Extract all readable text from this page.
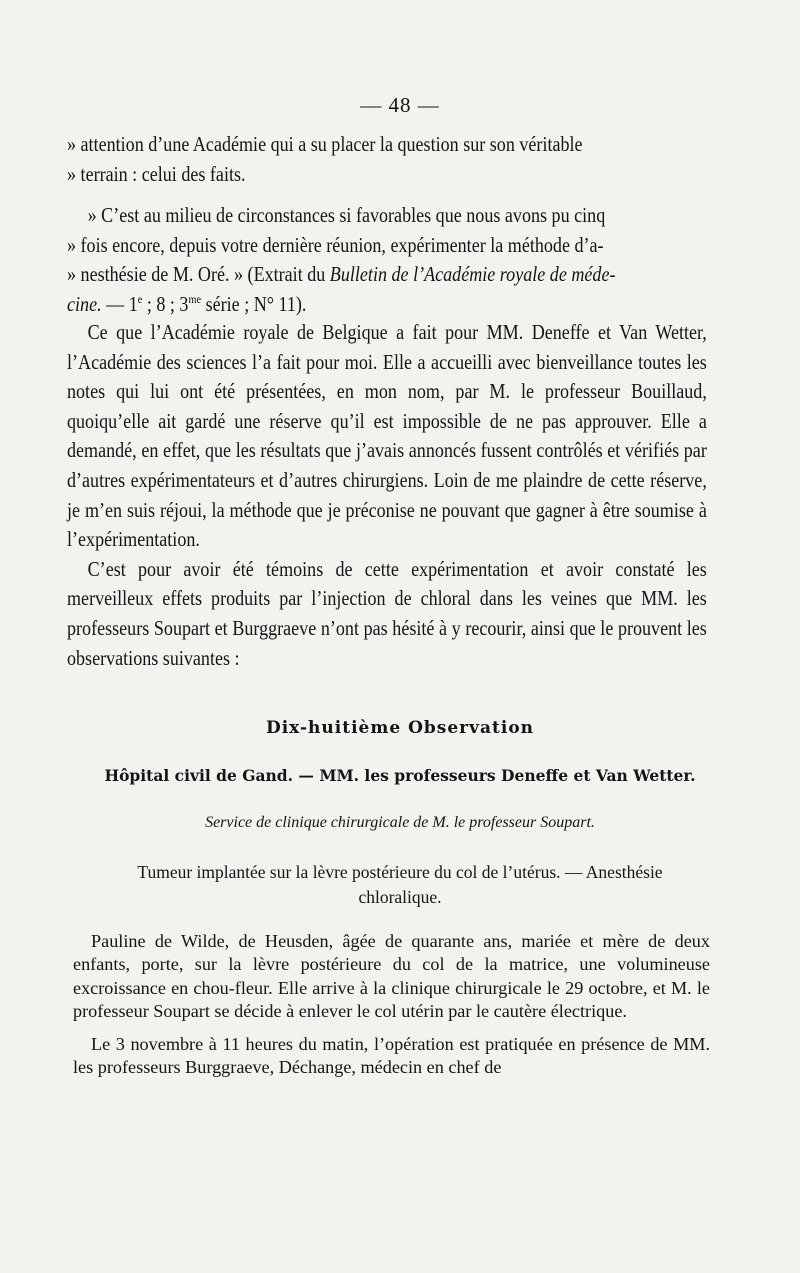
— 48 —

» attention d’une Académie qui a su placer la question sur son véritable

» terrain : celui des faits.

» C’est au milieu de circonstances si favorables que nous avons pu cinq

» fois encore, depuis votre dernière réunion, expérimenter la méthode d’a-

» nesthésie de M. Oré. » (Extrait du Bulletin de l’Académie royale de méde-

cine. — 1e ; 8 ; $3^{me}$ série ; N° 11).

Ce que l’Académie royale de Belgique a fait pour MM. Deneffe et Van Wetter, l’Académie des sciences l’a fait pour moi. Elle a accueilli avec bienveillance toutes les notes qui lui ont été présentées, en mon nom, par M. le professeur Bouillaud, quoiqu’elle ait gardé une réserve qu’il est impossible de ne pas approuver. Elle a demandé, en effet, que les résultats que j’avais annoncés fussent contrôlés et vérifiés par d’autres expérimentateurs et d’autres chirurgiens. Loin de me plaindre de cette réserve, je m’en suis réjoui, la méthode que je préconise ne pouvant que gagner à être soumise à l’expérimentation.

C’est pour avoir été témoins de cette expérimentation et avoir constaté les merveilleux effets produits par l’injection de chloral dans les veines que MM. les professeurs Soupart et Burggraeve n’ont pas hésité à y recourir, ainsi que le prouvent les observations suivantes :

Dix-huitième Observation
Hôpital civil de Gand. — MM. les professeurs Deneffe et Van Wetter.
Service de clinique chirurgicale de M. le professeur Soupart.
Tumeur implantée sur la lèvre postérieure du col de l’utérus. — Anesthésie chloralique.

Pauline de Wilde, de Heusden, âgée de quarante ans, mariée et mère de deux enfants, porte, sur la lèvre postérieure du col de la matrice, une volumineuse excroissance en chou-fleur. Elle arrive à la clinique chirurgicale le 29 octobre, et M. le professeur Soupart se décide à enlever le col utérin par le cautère électrique.

Le 3 novembre à 11 heures du matin, l’opération est pratiquée en présence de MM. les professeurs Burggraeve, Déchange, médecin en chef de
